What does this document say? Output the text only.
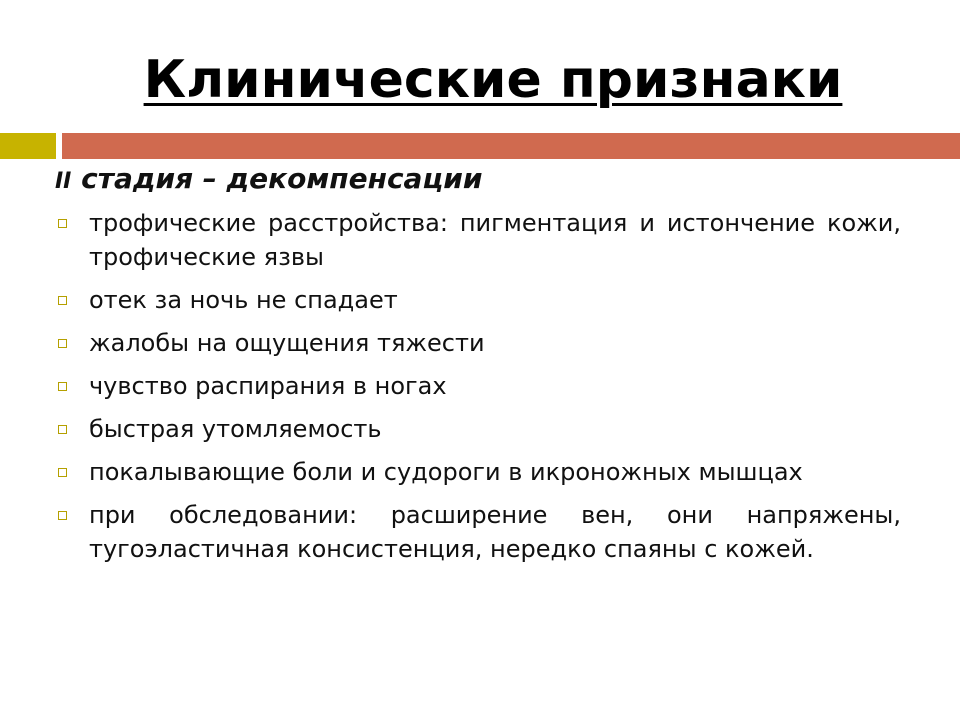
Клинические признаки
II стадия – декомпенсации
трофические расстройства: пигментация и истончение кожи, трофические язвы
отек за ночь не спадает
жалобы на ощущения тяжести
чувство распирания в ногах
быстрая утомляемость
покалывающие боли и судороги в икроножных мышцах
при обследовании: расширение вен, они напряжены, тугоэластичная консистенция, нередко спаяны с кожей.
